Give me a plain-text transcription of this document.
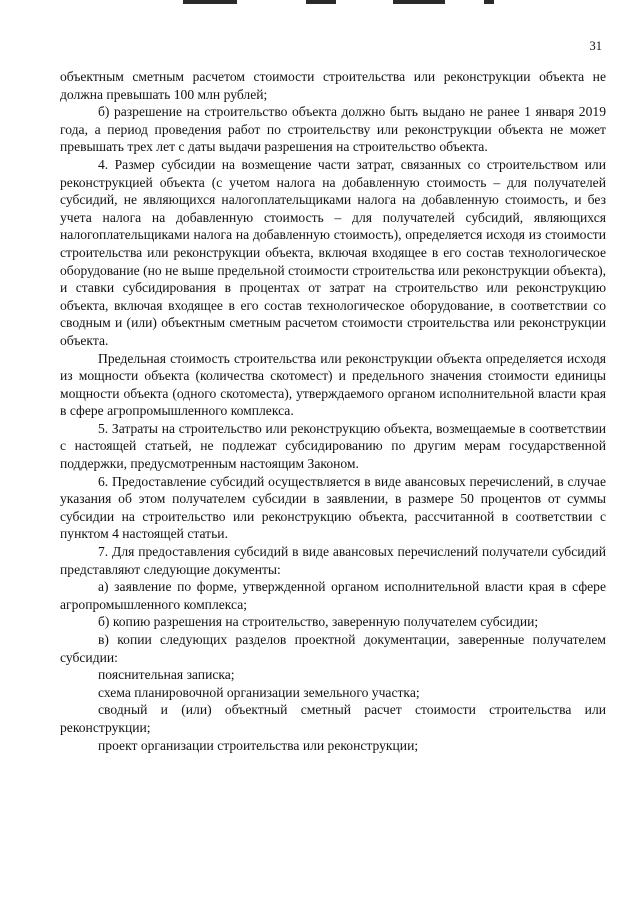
31

объектным сметным расчетом стоимости строительства или реконструкции объекта не должна превышать 100 млн рублей;

б) разрешение на строительство объекта должно быть выдано не ранее 1 января 2019 года, а период проведения работ по строительству или реконструкции объекта не может превышать трех лет с даты выдачи разрешения на строительство объекта.

4. Размер субсидии на возмещение части затрат, связанных со строительством или реконструкцией объекта (с учетом налога на добавленную стоимость – для получателей субсидий, не являющихся налогоплательщиками налога на добавленную стоимость, и без учета налога на добавленную стоимость – для получателей субсидий, являющихся налогоплательщиками налога на добавленную стоимость), определяется исходя из стоимости строительства или реконструкции объекта, включая входящее в его состав технологическое оборудование (но не выше предельной стоимости строительства или реконструкции объекта), и ставки субсидирования в процентах от затрат на строительство или реконструкцию объекта, включая входящее в его состав технологическое оборудование, в соответствии со сводным и (или) объектным сметным расчетом стоимости строительства или реконструкции объекта.

Предельная стоимость строительства или реконструкции объекта определяется исходя из мощности объекта (количества скотомест) и предельного значения стоимости единицы мощности объекта (одного скотоместа), утверждаемого органом исполнительной власти края в сфере агропромышленного комплекса.

5. Затраты на строительство или реконструкцию объекта, возмещаемые в соответствии с настоящей статьей, не подлежат субсидированию по другим мерам государственной поддержки, предусмотренным настоящим Законом.

6. Предоставление субсидий осуществляется в виде авансовых перечислений, в случае указания об этом получателем субсидии в заявлении, в размере 50 процентов от суммы субсидии на строительство или реконструкцию объекта, рассчитанной в соответствии с пунктом 4 настоящей статьи.

7. Для предоставления субсидий в виде авансовых перечислений получатели субсидий представляют следующие документы:

а) заявление по форме, утвержденной органом исполнительной власти края в сфере агропромышленного комплекса;

б) копию разрешения на строительство, заверенную получателем субсидии;

в) копии следующих разделов проектной документации, заверенные получателем субсидии:

пояснительная записка;

схема планировочной организации земельного участка;

сводный и (или) объектный сметный расчет стоимости строительства или реконструкции;

проект организации строительства или реконструкции;
